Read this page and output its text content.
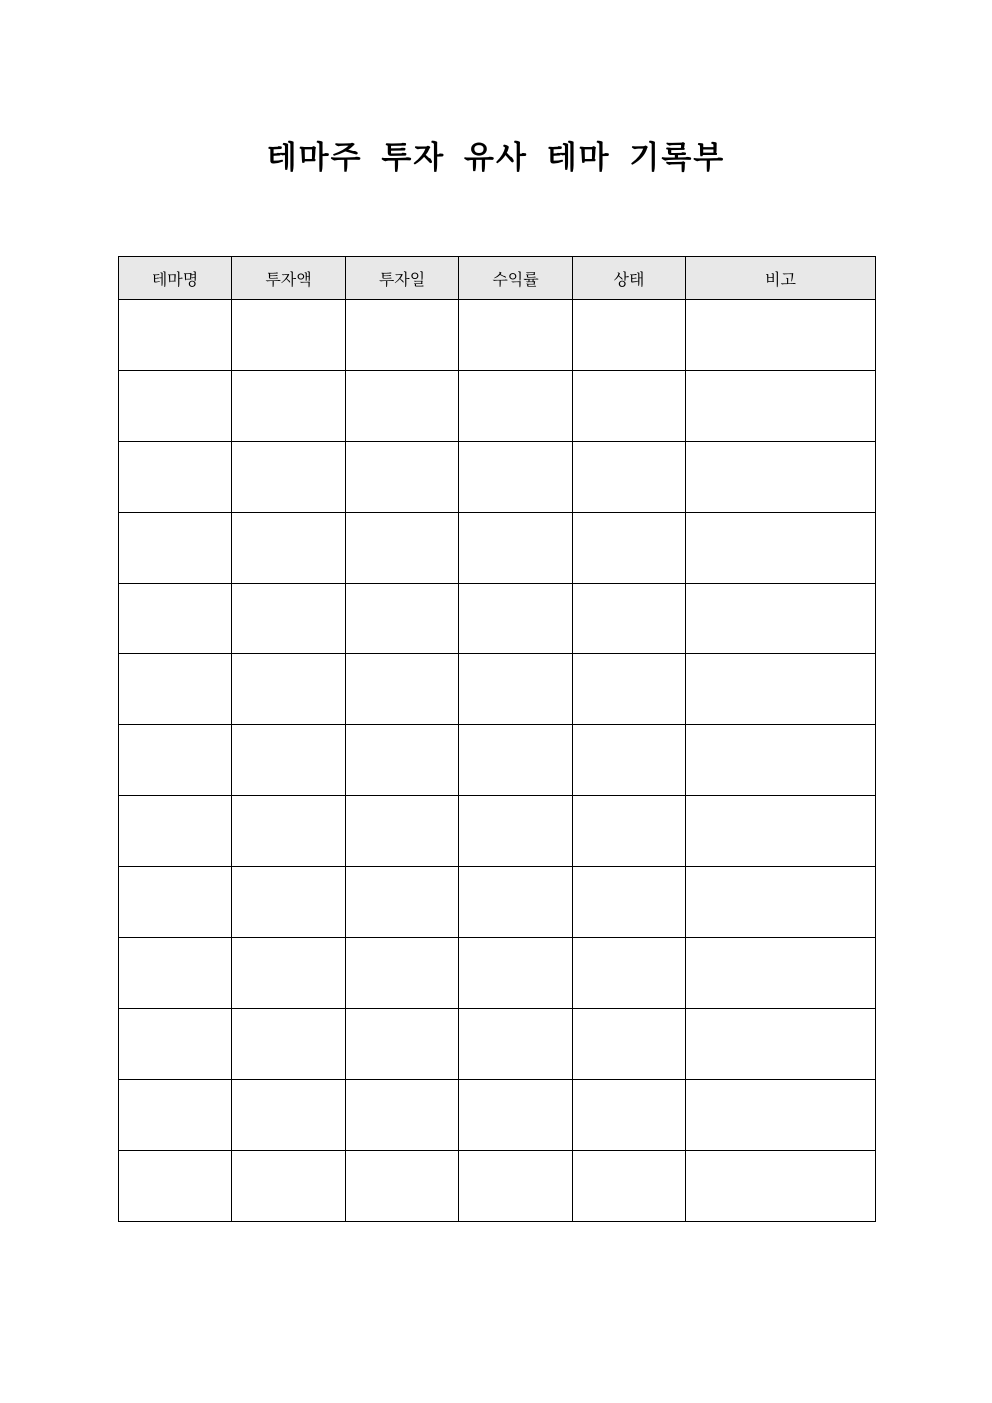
테마주 투자 유사 테마 기록부
테마명	투자액	투자일	수익률	상태	비고
